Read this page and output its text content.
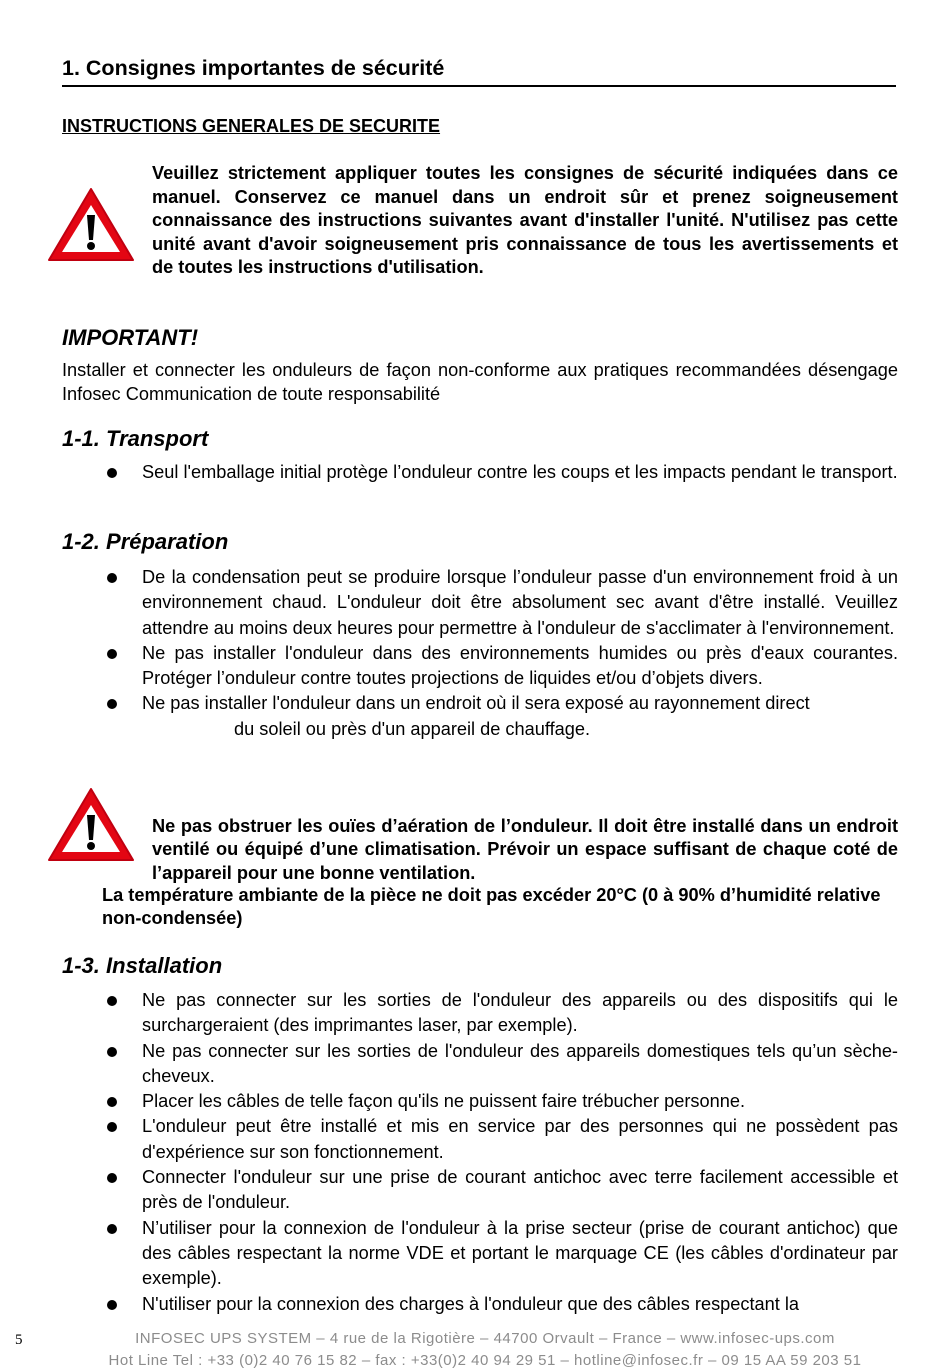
1. Consignes importantes de sécurité
INSTRUCTIONS GENERALES DE SECURITE
Veuillez strictement appliquer toutes les consignes de sécurité indiquées dans ce manuel. Conservez ce manuel dans un endroit sûr et prenez soigneusement connaissance des instructions suivantes avant d'installer l'unité. N'utilisez pas cette unité avant d'avoir soigneusement pris connaissance de tous les avertissements et de toutes les instructions d'utilisation.
IMPORTANT!
Installer et connecter les onduleurs de façon non-conforme aux pratiques recommandées désengage Infosec Communication de toute responsabilité
1-1. Transport
Seul l'emballage initial protège l’onduleur contre les coups et les impacts pendant le transport.
1-2. Préparation
De la condensation peut se produire lorsque l’onduleur passe d'un environnement froid à un environnement chaud. L'onduleur doit être absolument sec avant d'être installé. Veuillez attendre au moins deux heures pour permettre à l'onduleur de s'acclimater à l'environnement.
Ne pas installer l'onduleur dans des environnements humides ou près d'eaux courantes. Protéger l’onduleur contre toutes projections de liquides et/ou d’objets divers.
Ne pas installer l'onduleur dans un endroit où il sera exposé au rayonnement direct
du soleil ou près d'un appareil de chauffage.
Ne pas obstruer les ouïes d’aération de l’onduleur. Il doit être installé dans un endroit ventilé ou équipé d’une climatisation. Prévoir un espace suffisant de chaque coté de l’appareil pour une bonne ventilation.
La température ambiante de la pièce ne doit pas excéder 20°C (0 à 90% d’humidité relative non-condensée)
1-3. Installation
Ne pas connecter sur les sorties de l'onduleur des appareils ou des dispositifs qui le surchargeraient (des imprimantes laser, par exemple).
Ne pas connecter sur les sorties de l'onduleur des appareils domestiques tels qu’un sèche-cheveux.
Placer les câbles de telle façon qu'ils ne puissent faire trébucher personne.
L'onduleur peut être installé et mis en service par des personnes qui ne possèdent pas d'expérience sur son fonctionnement.
Connecter l'onduleur sur une prise de courant antichoc avec terre facilement accessible et près de l'onduleur.
N’utiliser pour la connexion de l'onduleur à la prise secteur (prise de courant antichoc) que des câbles respectant la norme VDE et portant le marquage CE (les câbles d'ordinateur par exemple).
N'utiliser pour la connexion des charges à l'onduleur que des câbles respectant la
5	INFOSEC UPS SYSTEM – 4 rue de la Rigotière – 44700 Orvault – France – www.infosec-ups.com
Hot Line Tel : +33 (0)2 40 76 15 82 – fax : +33(0)2 40 94 29 51 – hotline@infosec.fr – 09 15 AA 59 203 51
